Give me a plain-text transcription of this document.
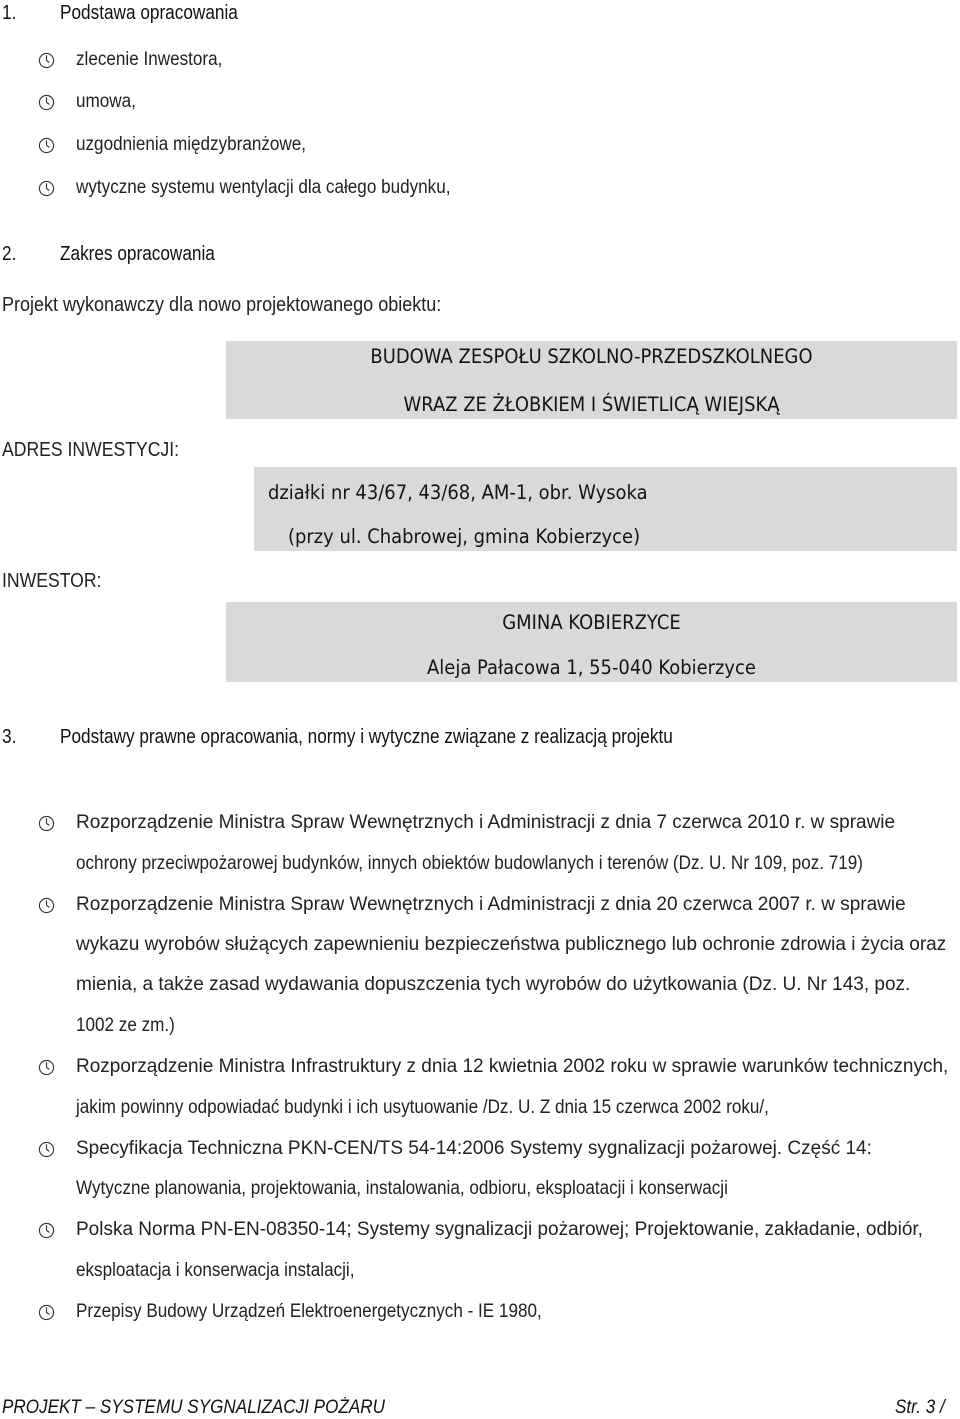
1. Podstawa opracowania
zlecenie Inwestora,
umowa,
uzgodnienia międzybranżowe,
wytyczne systemu wentylacji dla całego budynku,
2. Zakres opracowania
Projekt wykonawczy dla nowo projektowanego obiektu:
BUDOWA ZESPOŁU SZKOLNO-PRZEDSZKOLNEGO
WRAZ ZE ŻŁOBKIEM I ŚWIETLICĄ WIEJSKĄ
ADRES INWESTYCJI:
działki nr 43/67, 43/68, AM-1, obr. Wysoka
(przy ul. Chabrowej, gmina Kobierzyce)
INWESTOR:
GMINA KOBIERZYCE
Aleja Pałacowa 1, 55-040 Kobierzyce
3. Podstawy prawne opracowania, normy i wytyczne związane z realizacją projektu
Rozporządzenie Ministra Spraw Wewnętrznych i Administracji z dnia 7 czerwca 2010 r. w sprawie
ochrony przeciwpożarowej budynków, innych obiektów budowlanych i terenów (Dz. U. Nr 109, poz. 719)
Rozporządzenie Ministra Spraw Wewnętrznych i Administracji z dnia 20 czerwca 2007 r. w sprawie
wykazu wyrobów służących zapewnieniu bezpieczeństwa publicznego lub ochronie zdrowia i życia oraz
mienia, a także zasad wydawania dopuszczenia tych wyrobów do użytkowania (Dz. U. Nr 143, poz.
1002 ze zm.)
Rozporządzenie Ministra Infrastruktury z dnia 12 kwietnia 2002 roku w sprawie warunków technicznych,
jakim powinny odpowiadać budynki i ich usytuowanie /Dz. U. Z dnia 15 czerwca 2002 roku/,
Specyfikacja Techniczna PKN-CEN/TS 54-14:2006 Systemy sygnalizacji pożarowej. Część 14:
Wytyczne planowania, projektowania, instalowania, odbioru, eksploatacji i konserwacji
Polska Norma PN-EN-08350-14; Systemy sygnalizacji pożarowej; Projektowanie, zakładanie, odbiór,
eksploatacja i konserwacja instalacji,
Przepisy Budowy Urządzeń Elektroenergetycznych - IE 1980,
PROJEKT – SYSTEMU SYGNALIZACJI POŻARU	Str. 3 /
